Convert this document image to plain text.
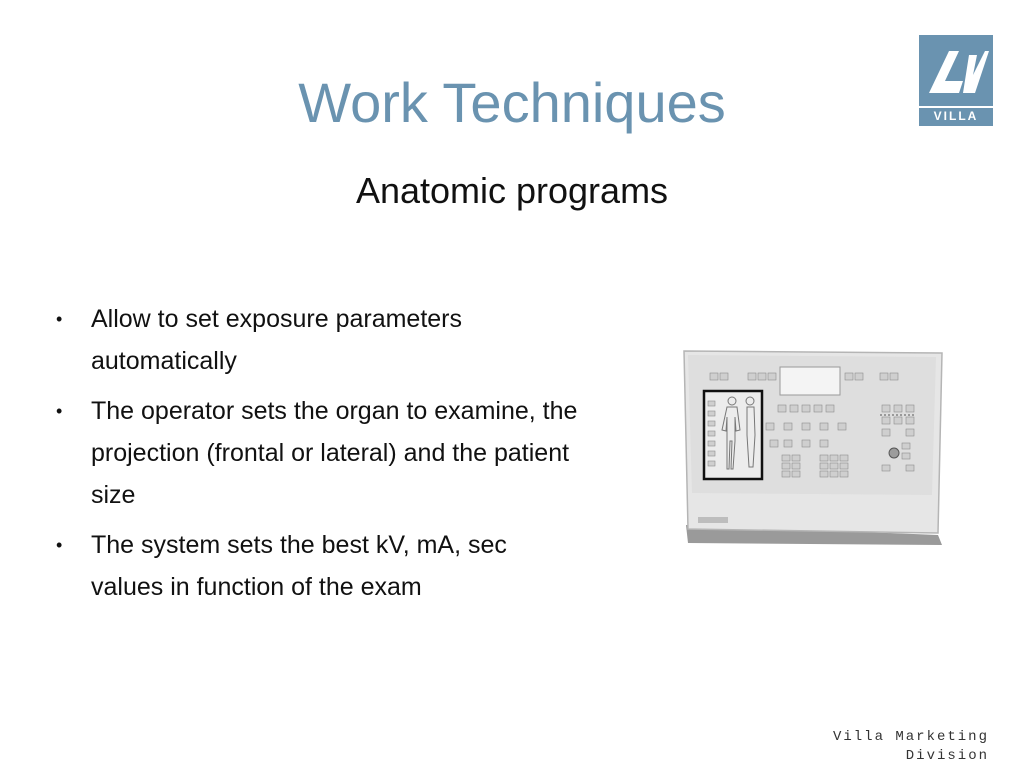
Work Techniques
Anatomic programs
VILLA
• Allow to set exposure parameters automatically
• The operator sets the organ to examine, the projection (frontal or lateral) and the patient size
• The system sets the best kV, mA, sec values in function of the exam
Villa Marketing
Division
